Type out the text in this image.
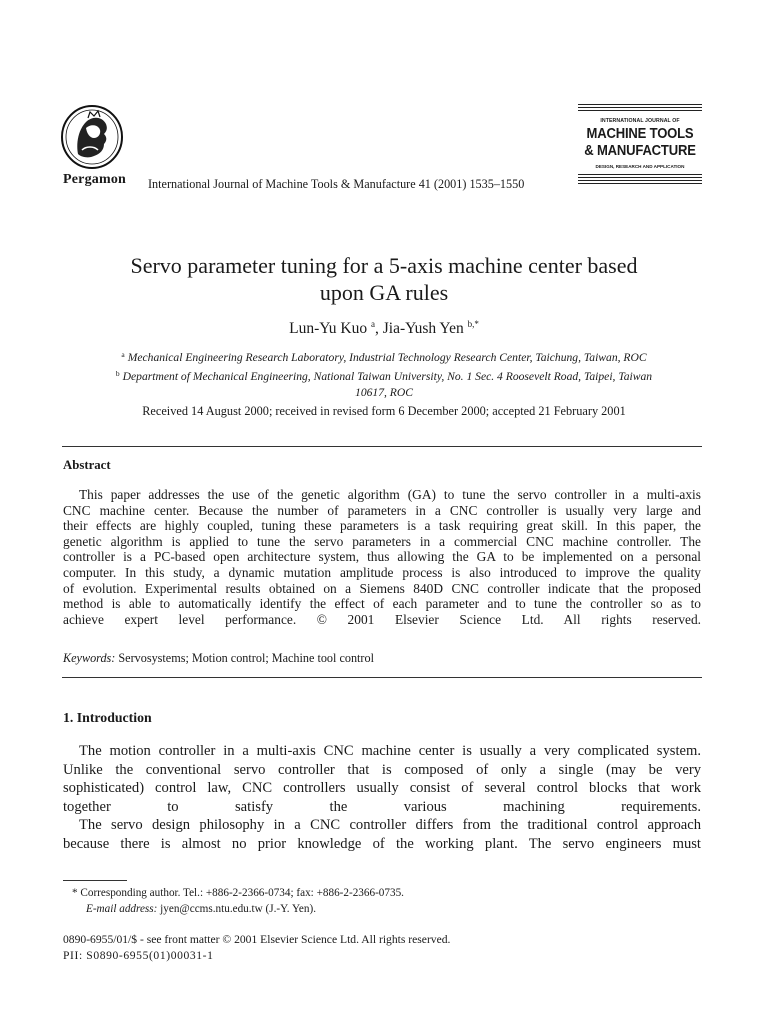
Pergamon International Journal of Machine Tools & Manufacture 41 (2001) 1535–1550
INTERNATIONAL JOURNAL OF
MACHINE TOOLS
& MANUFACTURE
DESIGN, RESEARCH AND APPLICATION
Servo parameter tuning for a 5-axis machine center based
upon GA rules
Lun-Yu Kuo $^a$, Jia-Yush Yen $^{b,*}$
$^a$ Mechanical Engineering Research Laboratory, Industrial Technology Research Center, Taichung, Taiwan, ROC
$^b$ Department of Mechanical Engineering, National Taiwan University, No. 1 Sec. 4 Roosevelt Road, Taipei, Taiwan
10617, ROC
Received 14 August 2000; received in revised form 6 December 2000; accepted 21 February 2001
Abstract
This paper addresses the use of the genetic algorithm (GA) to tune the servo controller in a multi-axis
CNC machine center. Because the number of parameters in a CNC controller is usually very large and
their effects are highly coupled, tuning these parameters is a task requiring great skill. In this paper, the
genetic algorithm is applied to tune the servo parameters in a commercial CNC machine controller. The
controller is a PC-based open architecture system, thus allowing the GA to be implemented on a personal
computer. In this study, a dynamic mutation amplitude process is also introduced to improve the quality
of evolution. Experimental results obtained on a Siemens 840D CNC controller indicate that the proposed
method is able to automatically identify the effect of each parameter and to tune the controller so as to
achieve expert level performance. © 2001 Elsevier Science Ltd. All rights reserved.
Keywords: Servosystems; Motion control; Machine tool control
1. Introduction
The motion controller in a multi-axis CNC machine center is usually a very complicated system.
Unlike the conventional servo controller that is composed of only a single (may be very
sophisticated) control law, CNC controllers usually consist of several control blocks that work
together to satisfy the various machining requirements.
The servo design philosophy in a CNC controller differs from the traditional control approach
because there is almost no prior knowledge of the working plant. The servo engineers must
* Corresponding author. Tel.: +886-2-2366-0734; fax: +886-2-2366-0735.
E-mail address: jyen@ccms.ntu.edu.tw (J.-Y. Yen).
0890-6955/01/$ - see front matter © 2001 Elsevier Science Ltd. All rights reserved.
PII: S0890-6955(01)00031-1
